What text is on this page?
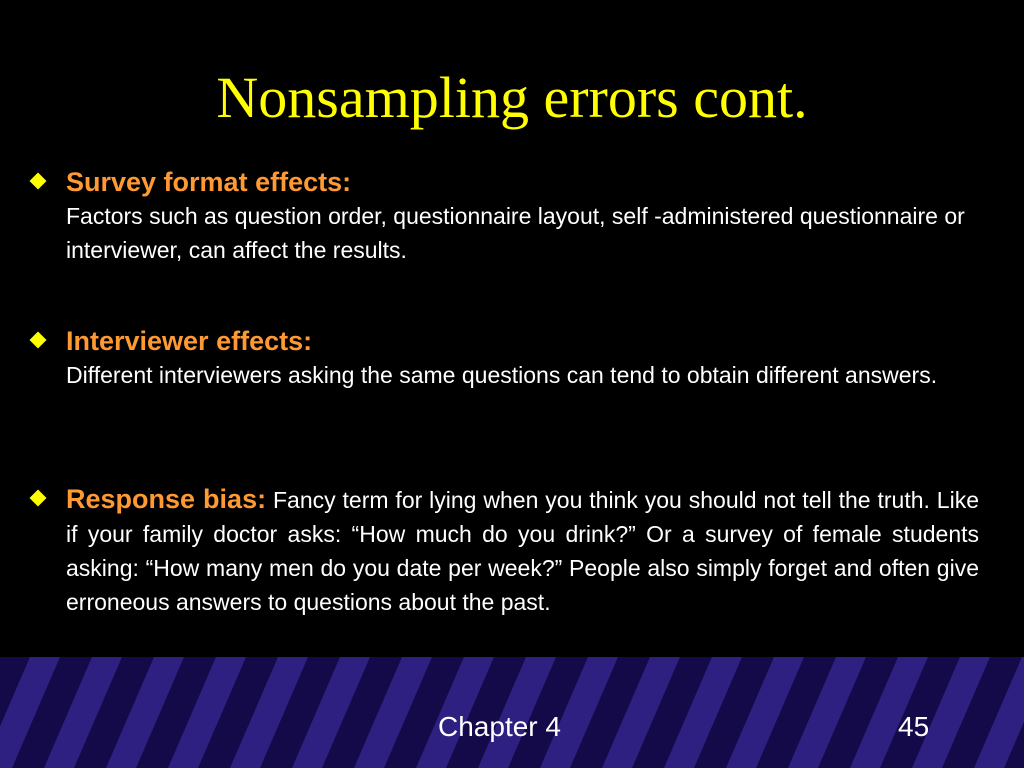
Nonsampling errors cont.
Survey format effects:
Factors such as question order, questionnaire layout, self -administered questionnaire or interviewer, can affect the results.
Interviewer effects:
Different interviewers asking the same questions can tend to obtain different answers.
Response bias: Fancy term for lying when you think you should not tell the truth. Like if your family doctor asks: “How much do you drink?” Or a survey of female students asking: “How many men do you date per week?” People also simply forget and often give erroneous answers to questions about the past.
Chapter 4	45
